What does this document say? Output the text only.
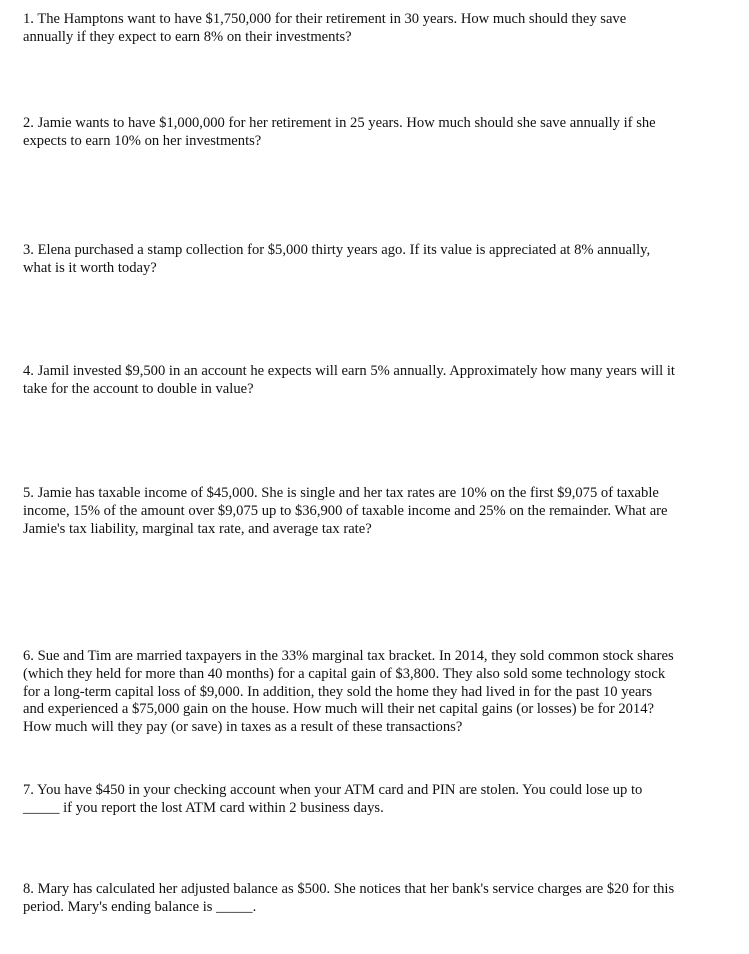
1. The Hamptons want to have $1,750,000 for their retirement in 30 years. How much should they save
annually if they expect to earn 8% on their investments?
2. Jamie wants to have $1,000,000 for her retirement in 25 years. How much should she save annually if she
expects to earn 10% on her investments?
3. Elena purchased a stamp collection for $5,000 thirty years ago. If its value is appreciated at 8% annually,
what is it worth today?
4. Jamil invested $9,500 in an account he expects will earn 5% annually. Approximately how many years will it
take for the account to double in value?
5. Jamie has taxable income of $45,000. She is single and her tax rates are 10% on the first $9,075 of taxable
income, 15% of the amount over $9,075 up to $36,900 of taxable income and 25% on the remainder. What are
Jamie's tax liability, marginal tax rate, and average tax rate?
6. Sue and Tim are married taxpayers in the 33% marginal tax bracket. In 2014, they sold common stock shares
(which they held for more than 40 months) for a capital gain of $3,800. They also sold some technology stock
for a long-term capital loss of $9,000. In addition, they sold the home they had lived in for the past 10 years
and experienced a $75,000 gain on the house. How much will their net capital gains (or losses) be for 2014?
How much will they pay (or save) in taxes as a result of these transactions?
7. You have $450 in your checking account when your ATM card and PIN are stolen. You could lose up to
_____ if you report the lost ATM card within 2 business days.
8. Mary has calculated her adjusted balance as $500. She notices that her bank's service charges are $20 for this
period. Mary's ending balance is _____.
